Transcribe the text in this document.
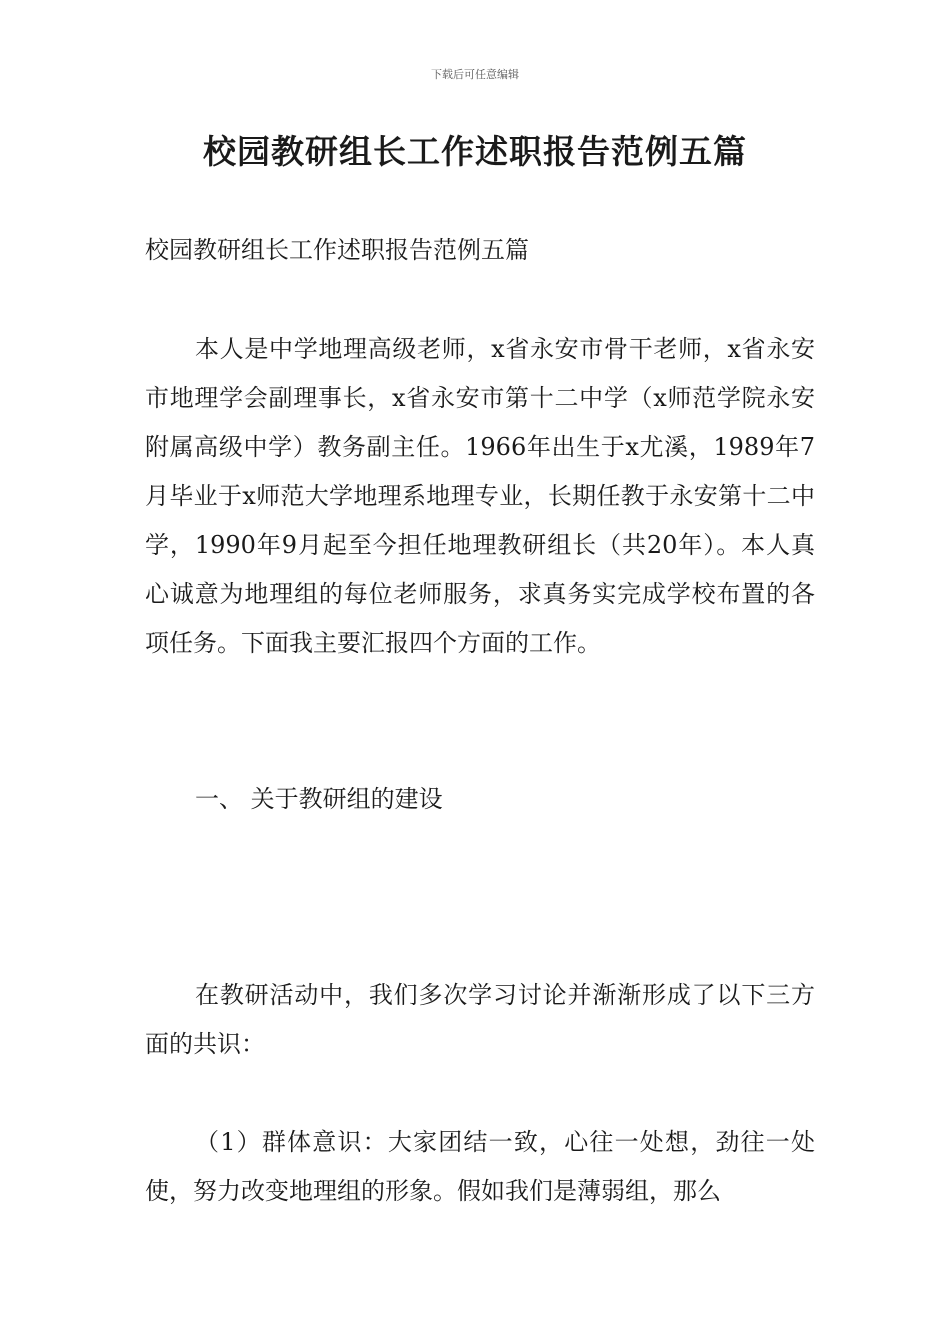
下载后可任意编辑
校园教研组长工作述职报告范例五篇

校园教研组长工作述职报告范例五篇

本人是中学地理高级老师，x省永安市骨干老师，x省永安市地理学会副理事长，x省永安市第十二中学（x师范学院永安附属高级中学）教务副主任。1966年出生于x尤溪，1989年7月毕业于x师范大学地理系地理专业，长期任教于永安第十二中学，1990年9月起至今担任地理教研组长（共20年）。本人真心诚意为地理组的每位老师服务，求真务实完成学校布置的各项任务。下面我主要汇报四个方面的工作。

一、 关于教研组的建设

在教研活动中，我们多次学习讨论并渐渐形成了以下三方面的共识：

（1）群体意识：大家团结一致，心往一处想，劲往一处使，努力改变地理组的形象。假如我们是薄弱组，那么
